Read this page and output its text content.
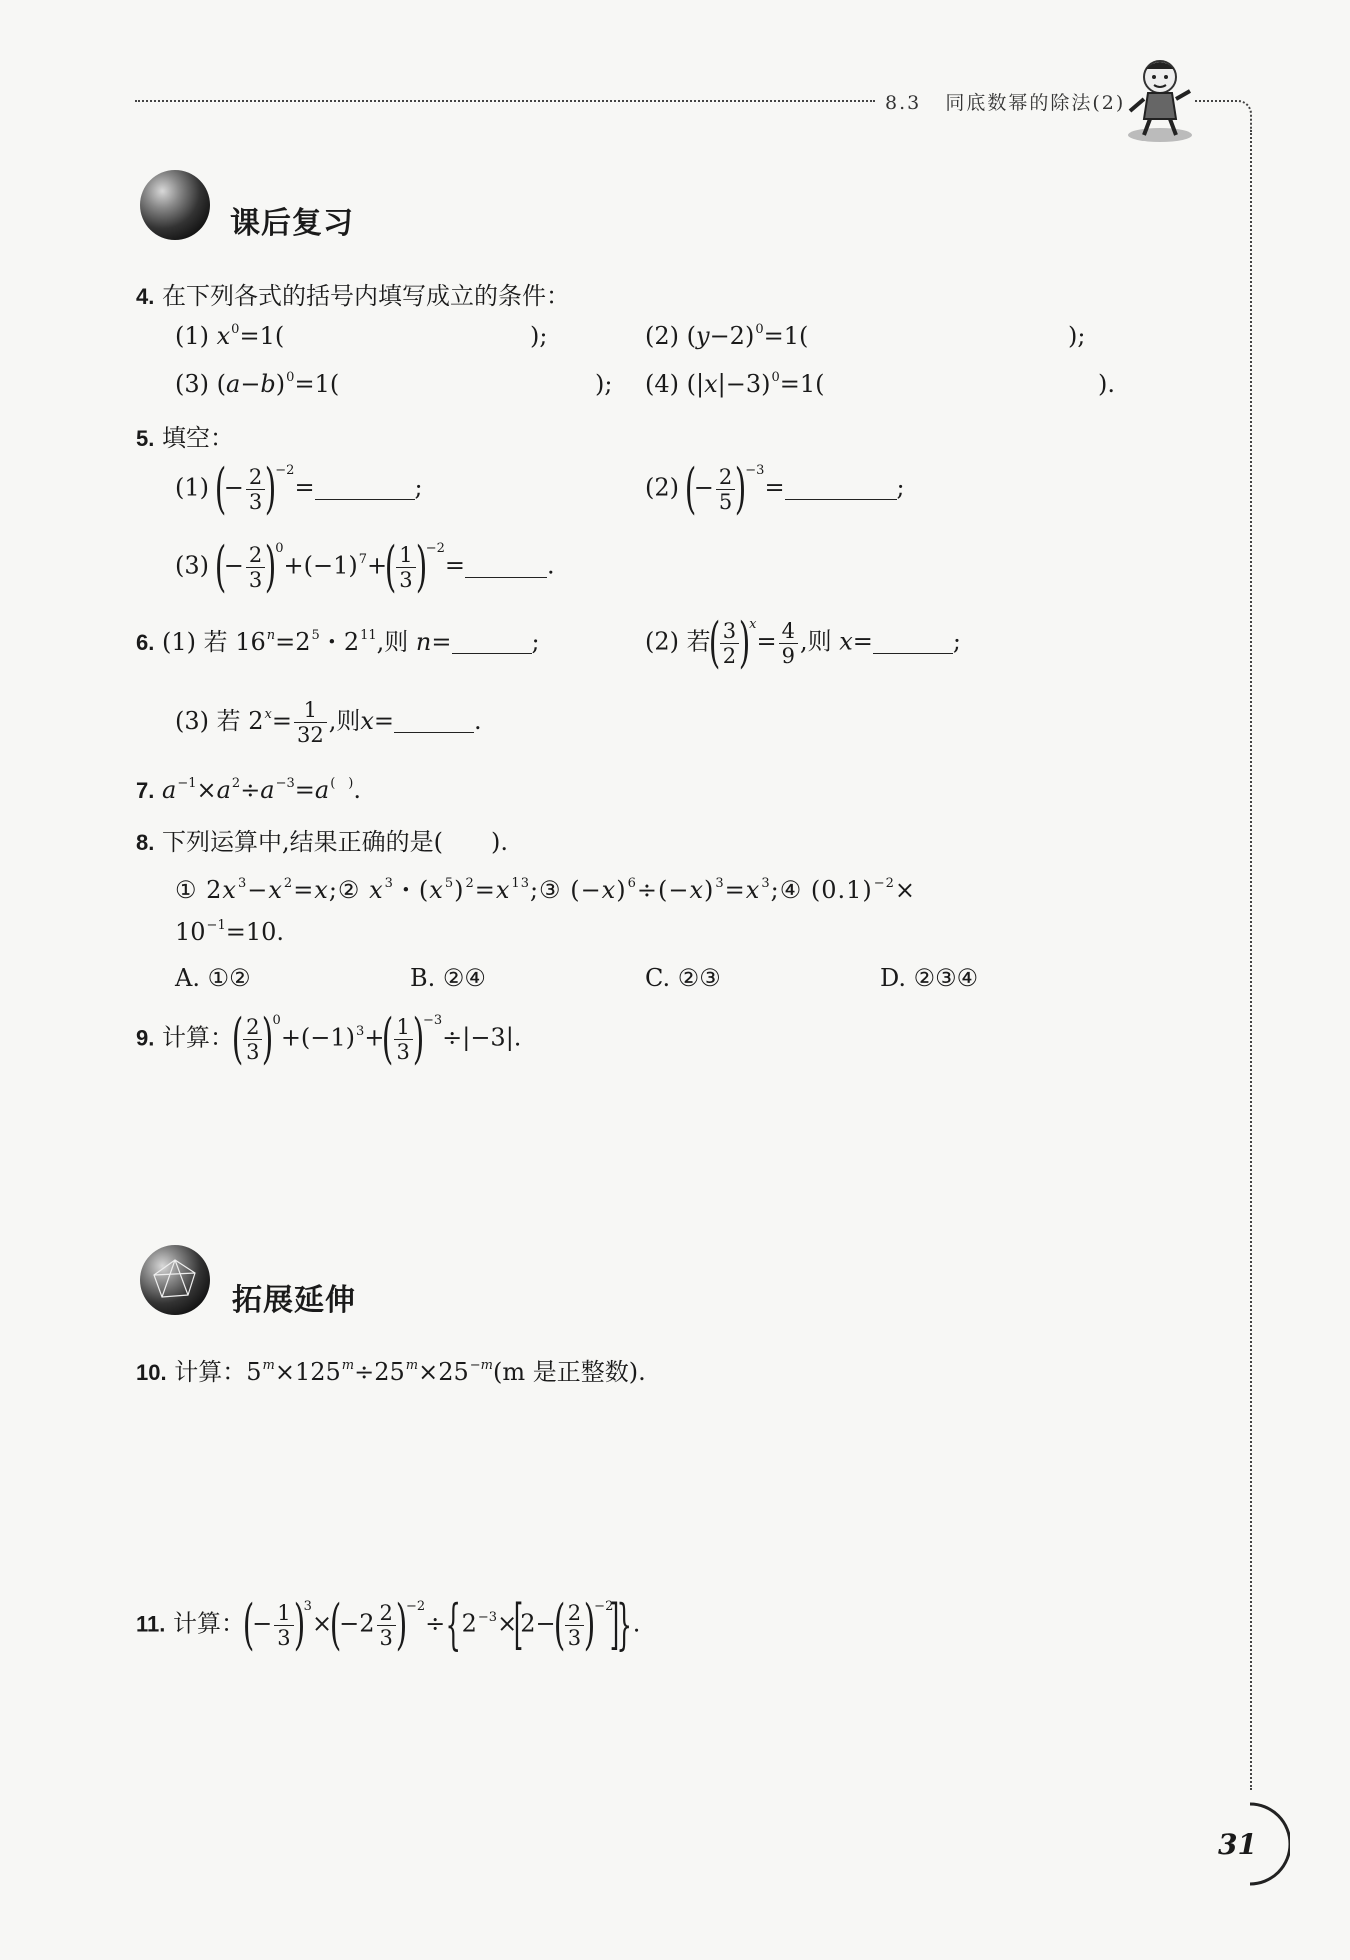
8.3 同底数幂的除法(2)
课后复习
4. 在下列各式的括号内填写成立的条件：
(1) $x^0=1$(	);	(2) $(y-2)^0=1$(	);
(3) $(a-b)^0=1$(	); (4) $(|x|-3)^0=1$(	).
5. 填空：
(1) (− $\frac{2}{3} )-2=$	;	(2) (− $\frac{2}{5} )-3=$	;
(3) (− $\frac{2}{3} )0+(-1)^7+( \frac{1}{3} )-2=$	.
6. (1) 若 $16^n=2^5$・$2^{11}$,则 n=	;	(2) 若( $\frac{3}{2} )x= \frac{4}{9}$ ,则 x=	;
(3) 若 $2^x= \frac{1}{32}$ ,则x=	.
7. $a^{-1}\times a^2\div a^{-3}=a^{( )}$.
8. 下列运算中,结果正确的是(　　).
① $2x^3-x^2=x;②$ $x^3$・$(x^5)^2=x^{13};③$ $(-x)^6\div(-x)^3=x^3;④$ $(0.1)^{-2}\times$
$10^{-1}=10$.
A. ①②	B. ②④	C. ②③	D. ②③④
9. 计算：( $\frac{2}{3} )0+(-1)^3+( \frac{1}{3} )-3\div|-3|$.
拓展延伸
10. 计算：$5^m\times 125^m\div 25^m\times 25^{-m}(m$ 是正整数).
11. 计算：(− $\frac{1}{3} )3\times(-2 \frac{2}{3} )-2\div\{2^{-3}\times[2-( \frac{2}{3} )-2]\}$.
31
